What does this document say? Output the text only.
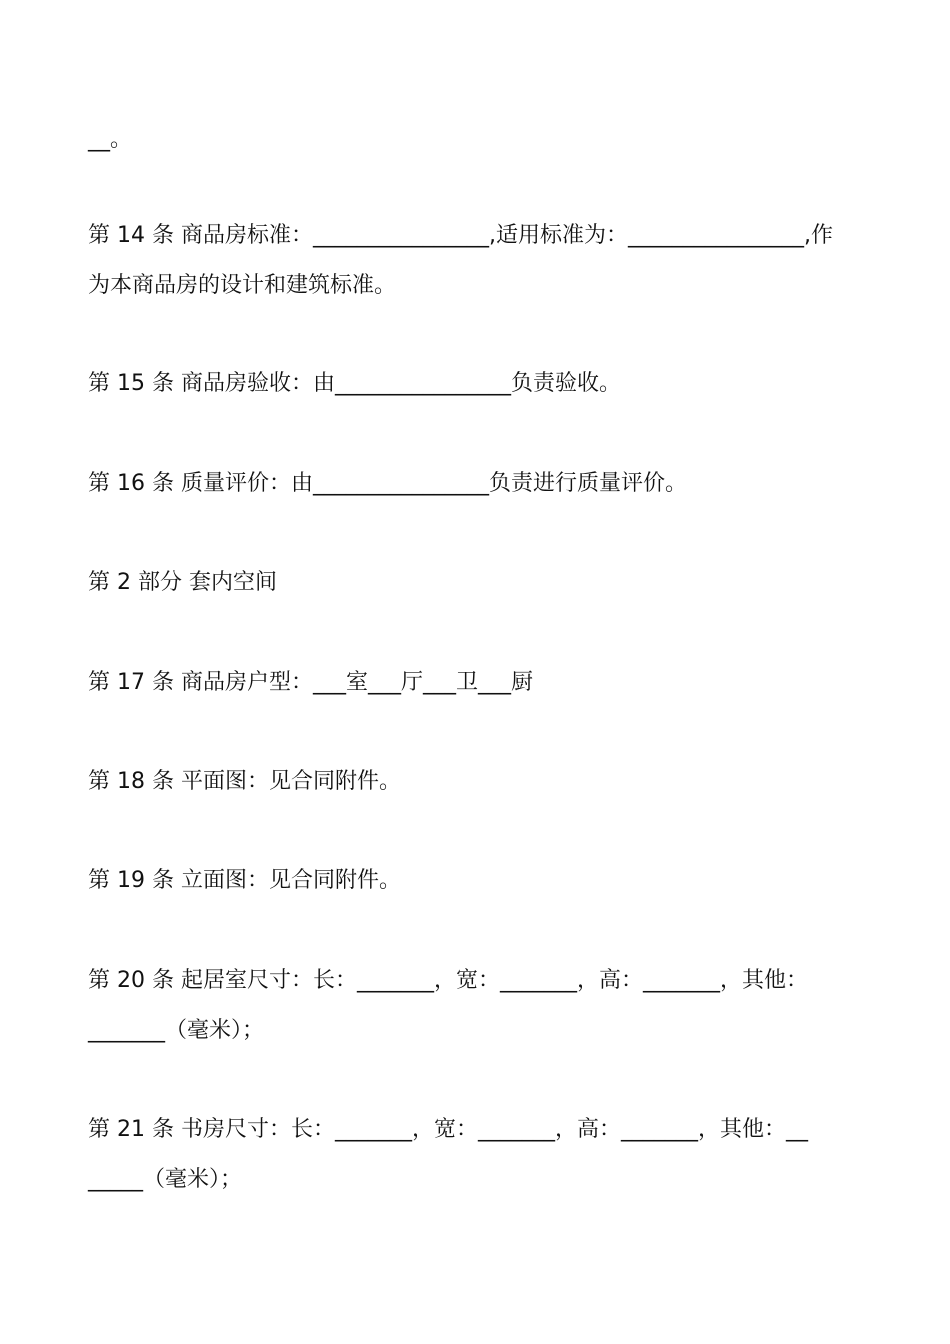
__。
第 14 条 商品房标准：________________,适用标准为：________________,作
为本商品房的设计和建筑标准。
第 15 条 商品房验收：由________________负责验收。
第 16 条 质量评价：由________________负责进行质量评价。
第 2 部分 套内空间
第 17 条 商品房户型：___室___厅___卫___厨
第 18 条 平面图：见合同附件。
第 19 条 立面图：见合同附件。
第 20 条 起居室尺寸：长：_______，宽：_______，高：_______，其他：
_______（毫米）；
第 21 条 书房尺寸：长：_______，宽：_______，高：_______，其他：__
_____（毫米）；
